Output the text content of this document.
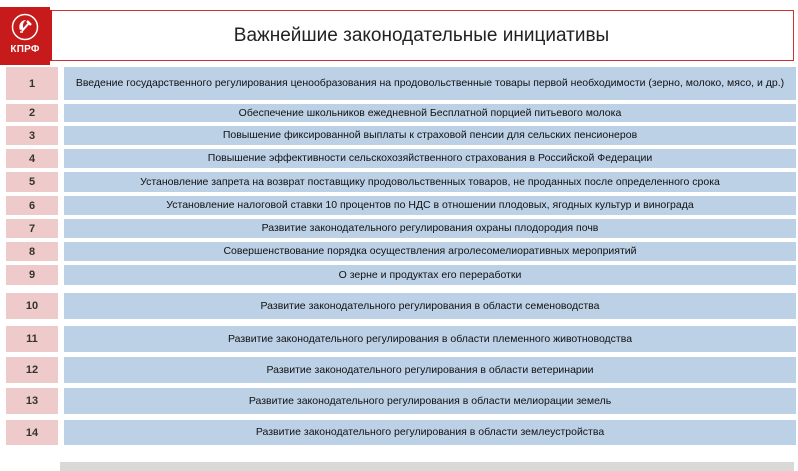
КПРФ
Важнейшие законодательные инициативы
1	Введение государственного регулирования ценообразования на продовольственные товары первой необходимости (зерно, молоко, мясо, и др.)
2	Обеспечение школьников ежедневной Бесплатной порцией питьевого молока
3	Повышение фиксированной выплаты к страховой пенсии для сельских пенсионеров
4	Повышение эффективности сельскохозяйственного страхования в Российской Федерации
5	Установление запрета на возврат поставщику продовольственных товаров, не проданных после определенного срока
6	Установление налоговой ставки 10 процентов по НДС в отношении плодовых, ягодных культур и винограда
7	Развитие законодательного регулирования охраны плодородия почв
8	Совершенствование порядка осуществления агролесомелиоративных мероприятий
9	О зерне и продуктах его переработки
10	Развитие законодательного регулирования в области семеноводства
11	Развитие законодательного регулирования в области племенного животноводства
12	Развитие законодательного регулирования в области ветеринарии
13	Развитие законодательного регулирования в области мелиорации земель
14	Развитие законодательного регулирования в области землеустройства
